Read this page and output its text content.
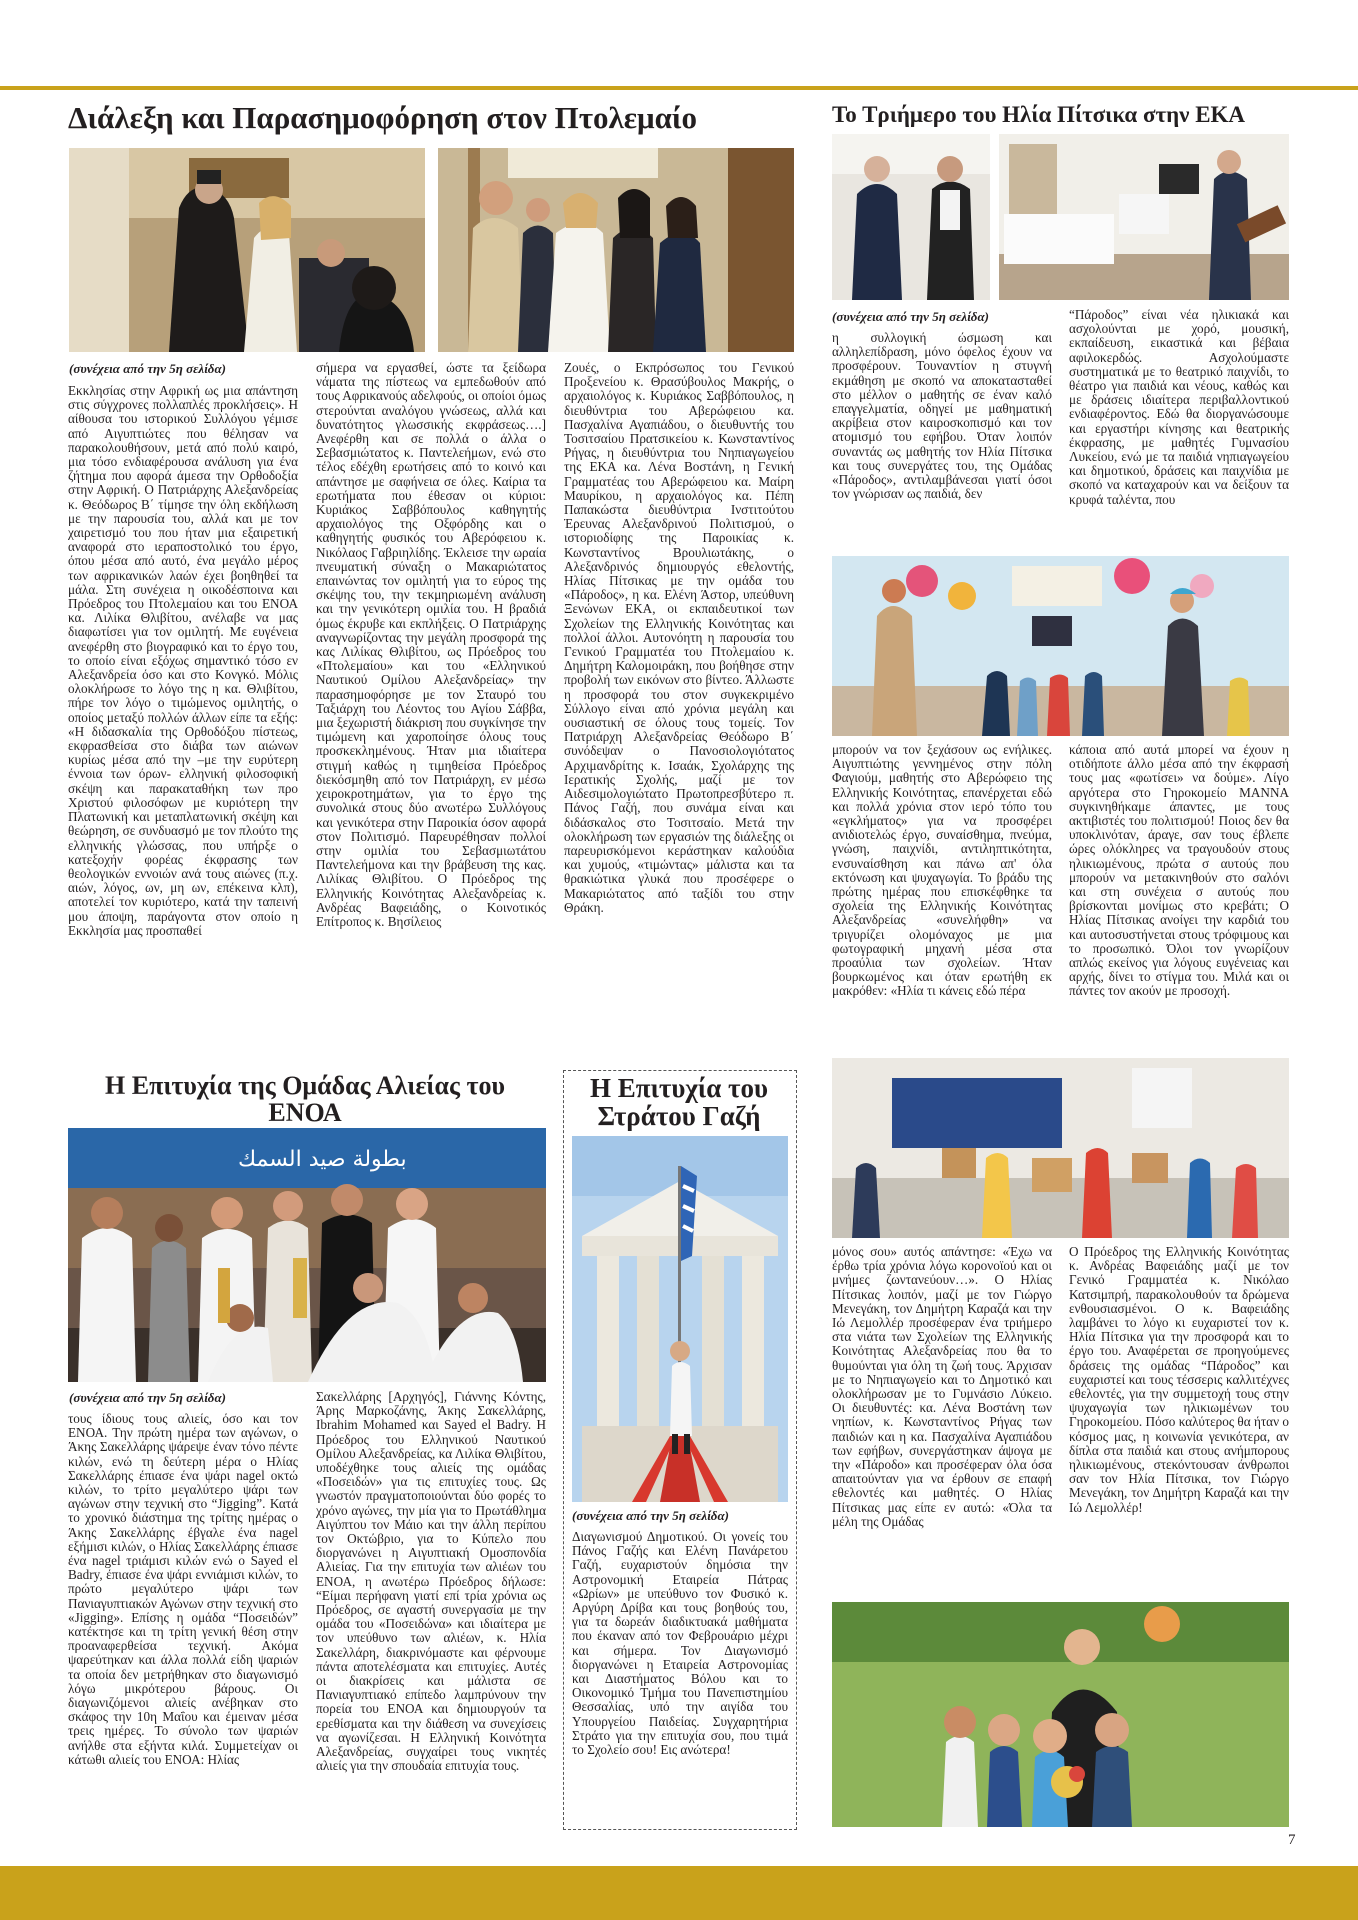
Διάλεξη και Παρασημοφόρηση στον Πτολεμαίο
(συνέχεια από την 5η σελίδα)

Εκκλησίας στην Αφρική ως μια απάντηση στις σύγχρονες πολλαπλές προκλήσεις». Η αίθουσα του ιστορικού Συλλόγου γέμισε από Αιγυπτιώτες που θέλησαν να παρακολουθήσουν, μετά από πολύ καιρό, μια τόσο ενδιαφέρουσα ανάλυση για ένα ζήτημα που αφορά άμεσα την Ορθοδοξία στην Αφρική. Ο Πατριάρχης Αλεξανδρείας κ. Θεόδωρος Β΄ τίμησε την όλη εκδήλωση με την παρουσία του, αλλά και με τον χαιρετισμό του που ήταν μια εξαιρετική αναφορά στο ιεραποστολικό του έργο, όπου μέσα από αυτό, ένα μεγάλο μέρος των αφρικανικών λαών έχει βοηθηθεί τα μάλα. Στη συνέχεια η οικοδέσποινα και Πρόεδρος του Πτολεμαίου και του ΕΝΟΑ κα. Λιλίκα Θλιβίτου, ανέλαβε να μας διαφωτίσει για τον ομιλητή. Με ευγένεια ανεφέρθη στο βιογραφικό και το έργο του, το οποίο είναι εξόχως σημαντικό τόσο εν Αλεξανδρεία όσο και στο Κονγκό. Μόλις ολοκλήρωσε το λόγο της η κα. Θλιβίτου, πήρε τον λόγο ο τιμώμενος ομιλητής, ο οποίος μεταξύ πολλών άλλων είπε τα εξής: «Η διδασκαλία της Ορθοδόξου πίστεως, εκφρασθείσα στο διάβα των αιώνων κυρίως μέσα από την –με την ευρύτερη έννοια των όρων- ελληνική φιλοσοφική σκέψη και παρακαταθήκη των προ Χριστού φιλοσόφων με κυριότερη την Πλατωνική και μεταπλατωνική σκέψη και θεώρηση, σε συνδυασμό με τον πλούτο της ελληνικής γλώσσας, που υπήρξε ο κατεξοχήν φορέας έκφρασης των θεολογικών εννοιών ανά τους αιώνες (π.χ. αιών, λόγος, ων, μη ων, επέκεινα κλπ), αποτελεί τον κυριότερο, κατά την ταπεινή μου άποψη, παράγοντα στον οποίο η Εκκλησία μας προσπαθεί

σήμερα να εργασθεί, ώστε τα ξείδωρα νάματα της πίστεως να εμπεδωθούν από τους Αφρικανούς αδελφούς, οι οποίοι όμως στερούνται αναλόγου γνώσεως, αλλά και δυνατότητος γλωσσικής εκφράσεως….] Ανεφέρθη και σε πολλά ο άλλα ο Σεβασμιώτατος κ. Παντελεήμων, ενώ στο τέλος εδέχθη ερωτήσεις από το κοινό και απάντησε με σαφήνεια σε όλες. Καίρια τα ερωτήματα που έθεσαν οι κύριοι: Κυριάκος Σαββόπουλος καθηγητής αρχαιολόγος της Οξφόρδης και ο καθηγητής φυσικός του Αβερόφειου κ. Νικόλαος Γαβριηλίδης. Έκλεισε την ωραία πνευματική σύναξη ο Μακαριώτατος επαινώντας τον ομιλητή για το εύρος της σκέψης του, την τεκμηριωμένη ανάλυση και την γενικότερη ομιλία του. Η βραδιά όμως έκρυβε και εκπλήξεις. Ο Πατριάρχης αναγνωρίζοντας την μεγάλη προσφορά της κας Λιλίκας Θλιβίτου, ως Πρόεδρος του «Πτολεμαίου» και του «Ελληνικού Ναυτικού Ομίλου Αλεξανδρείας» την παρασημοφόρησε με τον Σταυρό του Ταξιάρχη του Λέοντος του Αγίου Σάββα, μια ξεχωριστή διάκριση που συγκίνησε την τιμώμενη και χαροποίησε όλους τους προσκεκλημένους. Ήταν μια ιδιαίτερα στιγμή καθώς η τιμηθείσα Πρόεδρος διεκόσμηθη από τον Πατριάρχη, εν μέσω χειροκροτημάτων, για το έργο της συνολικά στους δύο ανωτέρω Συλλόγους και γενικότερα στην Παροικία όσον αφορά στον Πολιτισμό. Παρευρέθησαν πολλοί στην ομιλία του Σεβασμιωτάτου Παντελεήμονα και την βράβευση της κας. Λιλίκας Θλιβίτου. Ο Πρόεδρος της Ελληνικής Κοινότητας Αλεξανδρείας κ. Ανδρέας Βαφειάδης, ο Κοινοτικός Επίτροπος κ. Βησίλειος

Ζουές, ο Εκπρόσωπος του Γενικού Προξενείου κ. Θρασύβουλος Μακρής, ο αρχαιολόγος κ. Κυριάκος Σαββόπουλος, η διευθύντρια του Αβερώφειου κα. Πασχαλίνα Αγαπιάδου, ο διευθυντής του Τοσιτσαίου Πρατσικείου κ. Κωνσταντίνος Ρήγας, η διευθύντρια του Νηπιαγωγείου της ΕΚΑ κα. Λένα Βοστάνη, η Γενική Γραμματέας του Αβερώφειου κα. Μαίρη Μαυρίκου, η αρχαιολόγος κα. Πέπη Παπακώστα διευθύντρια Ινστιτούτου Έρευνας Αλεξανδρινού Πολιτισμού, ο ιστοριοδίφης της Παροικίας κ. Κωνσταντίνος Βρουλιωτάκης, ο Αλεξανδρινός δημιουργός εθελοντής, Ηλίας Πίτσικας με την ομάδα του «Πάροδος», η κα. Ελένη Άστορ, υπεύθυνη Ξενώνων ΕΚΑ, οι εκπαιδευτικοί των Σχολείων της Ελληνικής Κοινότητας και πολλοί άλλοι. Αυτονόητη η παρουσία του Γενικού Γραμματέα του Πτολεμαίου κ. Δημήτρη Καλομοιράκη, που βοήθησε στην προβολή των εικόνων στο βίντεο. Άλλωστε η προσφορά του στον συγκεκριμένο Σύλλογο είναι από χρόνια μεγάλη και ουσιαστική σε όλους τους τομείς. Τον Πατριάρχη Αλεξανδρείας Θεόδωρο Β΄ συνόδεψαν ο Πανοσιολογιότατος Αρχιμανδρίτης κ. Ισαάκ, Σχολάρχης της Ιερατικής Σχολής, μαζί με τον Αιδεσιμολογιώτατο Πρωτοπρεσβύτερο π. Πάνος Γαζή, που συνάμα είναι και διδάσκαλος στο Τοσιτσαίο. Μετά την ολοκλήρωση των εργασιών της διάλεξης οι παρευρισκόμενοι κεράστηκαν καλούδια και χυμούς, «τιμώντας» μάλιστα και τα θρακιώτικα γλυκά που προσέφερε ο Μακαριώτατος από ταξίδι του στην Θράκη.

Το Τριήμερο του Ηλία Πίτσικα στην ΕΚΑ
(συνέχεια από την 5η σελίδα)

η συλλογική ώσμωση και αλληλεπίδραση, μόνο όφελος έχουν να προσφέρουν. Τουναντίον η στυγνή εκμάθηση με σκοπό να αποκατασταθεί στο μέλλον ο μαθητής σε έναν καλό επαγγελματία, οδηγεί με μαθηματική ακρίβεια στον καιροσκοπισμό και τον ατομισμό του εφήβου. Όταν λοιπόν συναντάς ως μαθητής τον Ηλία Πίτσικα και τους συνεργάτες του, της Ομάδας «Πάροδος», αντιλαμβάνεσαι γιατί όσοι τον γνώρισαν ως παιδιά, δεν

“Πάροδος” είναι νέα ηλικιακά και ασχολούνται με χορό, μουσική, εκπαίδευση, εικαστικά και βέβαια αφιλοκερδώς. Ασχολούμαστε συστηματικά με το θεατρικό παιχνίδι, το θέατρο για παιδιά και νέους, καθώς και με δράσεις ιδιαίτερα περιβαλλοντικού ενδιαφέροντος. Εδώ θα διοργανώσουμε και εργαστήρι κίνησης και θεατρικής έκφρασης, με μαθητές Γυμνασίου Λυκείου, ενώ με τα παιδιά νηπιαγωγείου και δημοτικού, δράσεις και παιχνίδια με σκοπό να καταχαρούν και να δείξουν τα κρυφά ταλέντα, που

μπορούν να τον ξεχάσουν ως ενήλικες. Αιγυπτιώτης γεννημένος στην πόλη Φαγιούμ, μαθητής στο Αβερώφειο της Ελληνικής Κοινότητας, επανέρχεται εδώ και πολλά χρόνια στον ιερό τόπο του «εγκλήματος» για να προσφέρει ανιδιοτελώς έργο, συναίσθημα, πνεύμα, γνώση, παιχνίδι, αντιληπτικότητα, ενσυναίσθηση και πάνω απ' όλα εκτόνωση και ψυχαγωγία. Το βράδυ της πρώτης ημέρας που επισκέφθηκε τα σχολεία της Ελληνικής Κοινότητας Αλεξανδρείας «συνελήφθη» να τριγυρίζει ολομόναχος με μια φωτογραφική μηχανή μέσα στα προαύλια των σχολείων. Ήταν βουρκωμένος και όταν ερωτήθη εκ μακρόθεν: «Ηλία τι κάνεις εδώ πέρα

κάποια από αυτά μπορεί να έχουν η οτιδήποτε άλλο μέσα από την έκφρασή τους μας «φωτίσει» να δούμε». Λίγο αργότερα στο Γηροκομείο ΜΑΝΝΑ συγκινηθήκαμε άπαντες, με τους ακτιβιστές του πολιτισμού! Ποιος δεν θα υποκλινόταν, άραγε, σαν τους έβλεπε ώρες ολόκληρες να τραγουδούν στους ηλικιωμένους, πρώτα σ αυτούς που μπορούν να μετακινηθούν στο σαλόνι και στη συνέχεια σ αυτούς που βρίσκονται μονίμως στο κρεβάτι; Ο Ηλίας Πίτσικας ανοίγει την καρδιά του και αυτοσυστήνεται στους τρόφιμους και το προσωπικό. Όλοι τον γνωρίζουν απλώς εκείνος για λόγους ευγένειας και αρχής, δίνει το στίγμα του. Μιλά και οι πάντες τον ακούν με προσοχή.

μόνος σου» αυτός απάντησε: «Έχω να έρθω τρία χρόνια λόγω κορονοϊού και οι μνήμες ζωντανεύουν…». Ο Ηλίας Πίτσικας λοιπόν, μαζί με τον Γιώργο Μενεγάκη, τον Δημήτρη Καραζά και την Ιώ Λεμολλέρ προσέφεραν ένα τριήμερο στα νιάτα των Σχολείων της Ελληνικής Κοινότητας Αλεξανδρείας που θα το θυμούνται για όλη τη ζωή τους. Άρχισαν με το Νηπιαγωγείο και το Δημοτικό και ολοκλήρωσαν με το Γυμνάσιο Λύκειο. Οι διευθυντές: κα. Λένα Βοστάνη των νηπίων, κ. Κωνσταντίνος Ρήγας των παιδιών και η κα. Πασχαλίνα Αγαπιάδου των εφήβων, συνεργάστηκαν άψογα με την «Πάροδο» και προσέφεραν όλα όσα απαιτούνταν για να έρθουν σε επαφή εθελοντές και μαθητές. Ο Ηλίας Πίτσικας μας είπε εν αυτώ: «Όλα τα μέλη της Ομάδας

Ο Πρόεδρος της Ελληνικής Κοινότητας κ. Ανδρέας Βαφειάδης μαζί με τον Γενικό Γραμματέα κ. Νικόλαο Κατσιμπρή, παρακολουθούν τα δρώμενα ενθουσιασμένοι. Ο κ. Βαφειάδης λαμβάνει το λόγο κι ευχαριστεί τον κ. Ηλία Πίτσικα για την προσφορά και το έργο του. Αναφέρεται σε προηγούμενες δράσεις της ομάδας “Πάροδος” και ευχαριστεί και τους τέσσερις καλλιτέχνες εθελοντές, για την συμμετοχή τους στην ψυχαγωγία των ηλικιωμένων του Γηροκομείου. Πόσο καλύτερος θα ήταν ο κόσμος μας, η κοινωνία γενικότερα, αν δίπλα στα παιδιά και στους ανήμπορους ηλικιωμένους, στεκόντουσαν άνθρωποι σαν τον Ηλία Πίτσικα, τον Γιώργο Μενεγάκη, τον Δημήτρη Καραζά και την Ιώ Λεμολλέρ!

Η Επιτυχία της Ομάδας Αλιείας του ΕΝΟΑ
بطولة صيد السمك
(συνέχεια από την 5η σελίδα)

τους ίδιους τους αλιείς, όσο και τον ΕΝΟΑ. Την πρώτη ημέρα των αγώνων, ο Άκης Σακελλάρης ψάρεψε έναν τόνο πέντε κιλών, ενώ τη δεύτερη μέρα ο Ηλίας Σακελλάρης έπιασε ένα ψάρι nagel οκτώ κιλών, το τρίτο μεγαλύτερο ψάρι των αγώνων στην τεχνική στο “Jigging”. Κατά το χρονικό διάστημα της τρίτης ημέρας ο Άκης Σακελλάρης έβγαλε ένα nagel εξήμισι κιλών, ο Ηλίας Σακελλάρης έπιασε ένα nagel τριάμισι κιλών ενώ ο Sayed el Badry, έπιασε ένα ψάρι εννιάμισι κιλών, το πρώτο μεγαλύτερο ψάρι των Πανιαγυπτιακών Αγώνων στην τεχνική στο «Jigging». Επίσης η ομάδα “Ποσειδών” κατέκτησε και τη τρίτη γενική θέση στην προαναφερθείσα τεχνική. Ακόμα ψαρεύτηκαν και άλλα πολλά είδη ψαριών τα οποία δεν μετρήθηκαν στο διαγωνισμό λόγω μικρότερου βάρους. Οι διαγωνιζόμενοι αλιείς ανέβηκαν στο σκάφος την 10η Μαΐου και έμειναν μέσα τρεις ημέρες. Το σύνολο των ψαριών ανήλθε στα εξήντα κιλά. Συμμετείχαν οι κάτωθι αλιείς του ΕΝΟΑ: Ηλίας

Σακελλάρης [Αρχηγός], Γιάννης Κόντης, Άρης Μαρκοζάνης, Άκης Σακελλάρης, Ibrahim Mohamed και Sayed el Badry. Η Πρόεδρος του Ελληνικού Ναυτικού Ομίλου Αλεξανδρείας, κα Λιλίκα Θλιβίτου, υποδέχθηκε τους αλιείς της ομάδας «Ποσειδών» για τις επιτυχίες τους. Ως γνωστόν πραγματοποιούνται δύο φορές το χρόνο αγώνες, την μία για το Πρωτάθλημα Αιγύπτου τον Μάιο και την άλλη περίπου τον Οκτώβριο, για το Κύπελο που διοργανώνει η Αιγυπτιακή Ομοσπονδία Αλιείας. Για την επιτυχία των αλιέων του ΕΝΟΑ, η ανωτέρω Πρόεδρος δήλωσε: “Είμαι περήφανη γιατί επί τρία χρόνια ως Πρόεδρος, σε αγαστή συνεργασία με την ομάδα του «Ποσειδώνα» και ιδιαίτερα με τον υπεύθυνο των αλιέων, κ. Ηλία Σακελλάρη, διακρινόμαστε και φέρνουμε πάντα αποτελέσματα και επιτυχίες. Αυτές οι διακρίσεις και μάλιστα σε Πανιαγυπτιακό επίπεδο λαμπρύνουν την πορεία του ΕΝΟΑ και δημιουργούν τα ερεθίσματα και την διάθεση να συνεχίσεις να αγωνίζεσαι. Η Ελληνική Κοινότητα Αλεξανδρείας, συγχαίρει τους νικητές αλιείς για την σπουδαία επιτυχία τους.

Η Επιτυχία του Στράτου Γαζή
(συνέχεια από την 5η σελίδα)

Διαγωνισμού Δημοτικού. Οι γονείς του Πάνος Γαζής και Ελένη Πανάρετου Γαζή, ευχαριστούν δημόσια την Αστρονομική Εταιρεία Πάτρας «Ωρίων» με υπεύθυνο τον Φυσικό κ. Αργύρη Δρίβα και τους βοηθούς του, για τα δωρεάν διαδικτυακά μαθήματα που έκαναν από τον Φεβρουάριο μέχρι και σήμερα. Τον Διαγωνισμό διοργανώνει η Εταιρεία Αστρονομίας και Διαστήματος Βόλου και το Οικονομικό Τμήμα του Πανεπιστημίου Θεσσαλίας, υπό την αιγίδα του Υπουργείου Παιδείας. Συγχαρητήρια Στράτο για την επιτυχία σου, που τιμά το Σχολείο σου! Εις ανώτερα!

7
